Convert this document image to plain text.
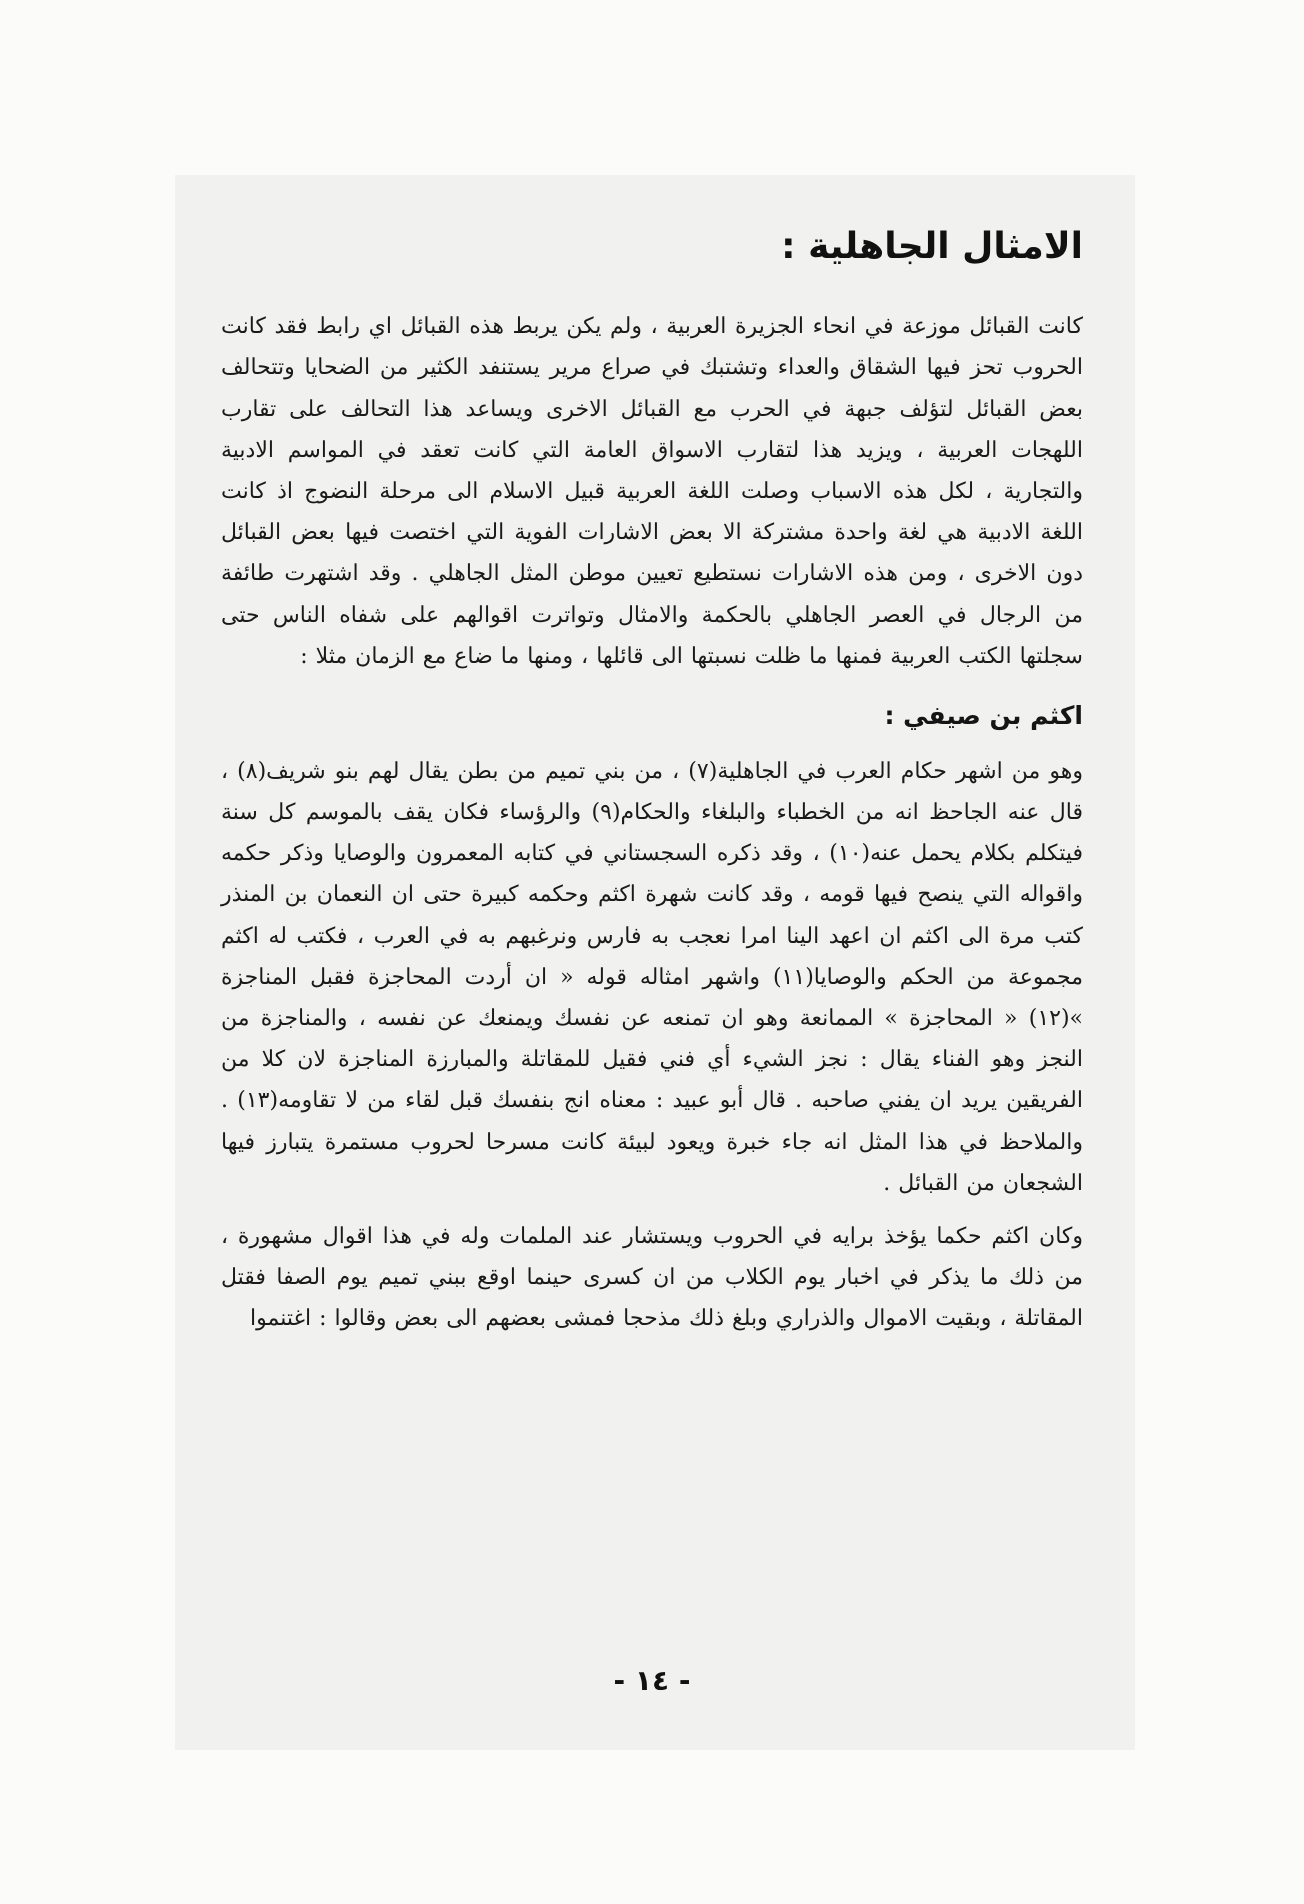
الامثال الجاهلية :

كانت القبائل موزعة في انحاء الجزيرة العربية ، ولم يكن يربط هذه القبائل اي رابط فقد كانت الحروب تحز فيها الشقاق والعداء وتشتبك في صراع مرير يستنفد الكثير من الضحايا وتتحالف بعض القبائل لتؤلف جبهة في الحرب مع القبائل الاخرى ويساعد هذا التحالف على تقارب اللهجات العربية ، ويزيد هذا لتقارب الاسواق العامة التي كانت تعقد في المواسم الادبية والتجارية ، لكل هذه الاسباب وصلت اللغة العربية قبيل الاسلام الى مرحلة النضوج اذ كانت اللغة الادبية هي لغة واحدة مشتركة الا بعض الاشارات الفوية التي اختصت فيها بعض القبائل دون الاخرى ، ومن هذه الاشارات نستطيع تعيين موطن المثل الجاهلي . وقد اشتهرت طائفة من الرجال في العصر الجاهلي بالحكمة والامثال وتواترت اقوالهم على شفاه الناس حتى سجلتها الكتب العربية فمنها ما ظلت نسبتها الى قائلها ، ومنها ما ضاع مع الزمان مثلا :

اكثم بن صيفي :

وهو من اشهر حكام العرب في الجاهلية(٧) ، من بني تميم من بطن يقال لهم بنو شريف(٨) ، قال عنه الجاحظ انه من الخطباء والبلغاء والحكام(٩) والرؤساء فكان يقف بالموسم كل سنة فيتكلم بكلام يحمل عنه(١٠) ، وقد ذكره السجستاني في كتابه المعمرون والوصايا وذكر حكمه واقواله التي ينصح فيها قومه ، وقد كانت شهرة اكثم وحكمه كبيرة حتى ان النعمان بن المنذر كتب مرة الى اكثم ان اعهد الينا امرا نعجب به فارس ونرغبهم به في العرب ، فكتب له اكثم مجموعة من الحكم والوصايا(١١) واشهر امثاله قوله « ان أردت المحاجزة فقبل المناجزة »(١٢) « المحاجزة » الممانعة وهو ان تمنعه عن نفسك ويمنعك عن نفسه ، والمناجزة من النجز وهو الفناء يقال : نجز الشيء أي فني فقيل للمقاتلة والمبارزة المناجزة لان كلا من الفريقين يريد ان يفني صاحبه . قال أبو عبيد : معناه انج بنفسك قبل لقاء من لا تقاومه(١٣) . والملاحظ في هذا المثل انه جاء خبرة ويعود لبيئة كانت مسرحا لحروب مستمرة يتبارز فيها الشجعان من القبائل .

وكان اكثم حكما يؤخذ برايه في الحروب ويستشار عند الملمات وله في هذا اقوال مشهورة ، من ذلك ما يذكر في اخبار يوم الكلاب من ان كسرى حينما اوقع ببني تميم يوم الصفا فقتل المقاتلة ، وبقيت الاموال والذراري وبلغ ذلك مذحجا فمشى بعضهم الى بعض وقالوا : اغتنموا

- ١٤ -
